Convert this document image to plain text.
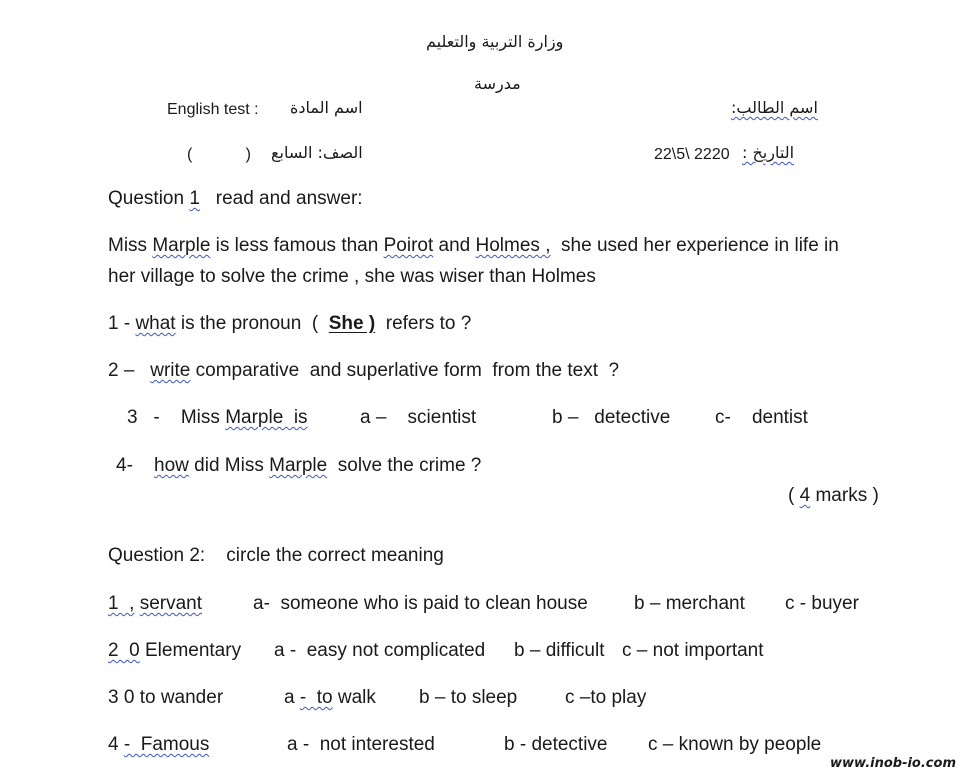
وزارة التربية والتعليم
مدرسة
English test : اسم المادة	اسم الطالب:
(            ) الصف: السابع	22\5\ 2220 التاريخ :
Question 1   read and answer:
Miss Marple is less famous than Poirot and Holmes ,  she used her experience in life in
her village to solve the crime , she was wiser than Holmes
1 - what is the pronoun  (  She )  refers to ?
2 –   write comparative  and superlative form  from the text  ?
3   -    Miss Marple  is	a –    scientist	b –   detective c-    dentist
4-    how did Miss Marple  solve the crime ?
( 4 marks )
Question 2:    circle the correct meaning
1  , servant	a-  someone who is paid to clean house b – merchant c - buyer
2  0 Elementary a -  easy not complicated b – difficult c – not important
3 0 to wander	a -  to walk b – to sleep	c –to play
4 -  Famous	a -  not interested	b - detective c – known by people
www.inob-io.com
